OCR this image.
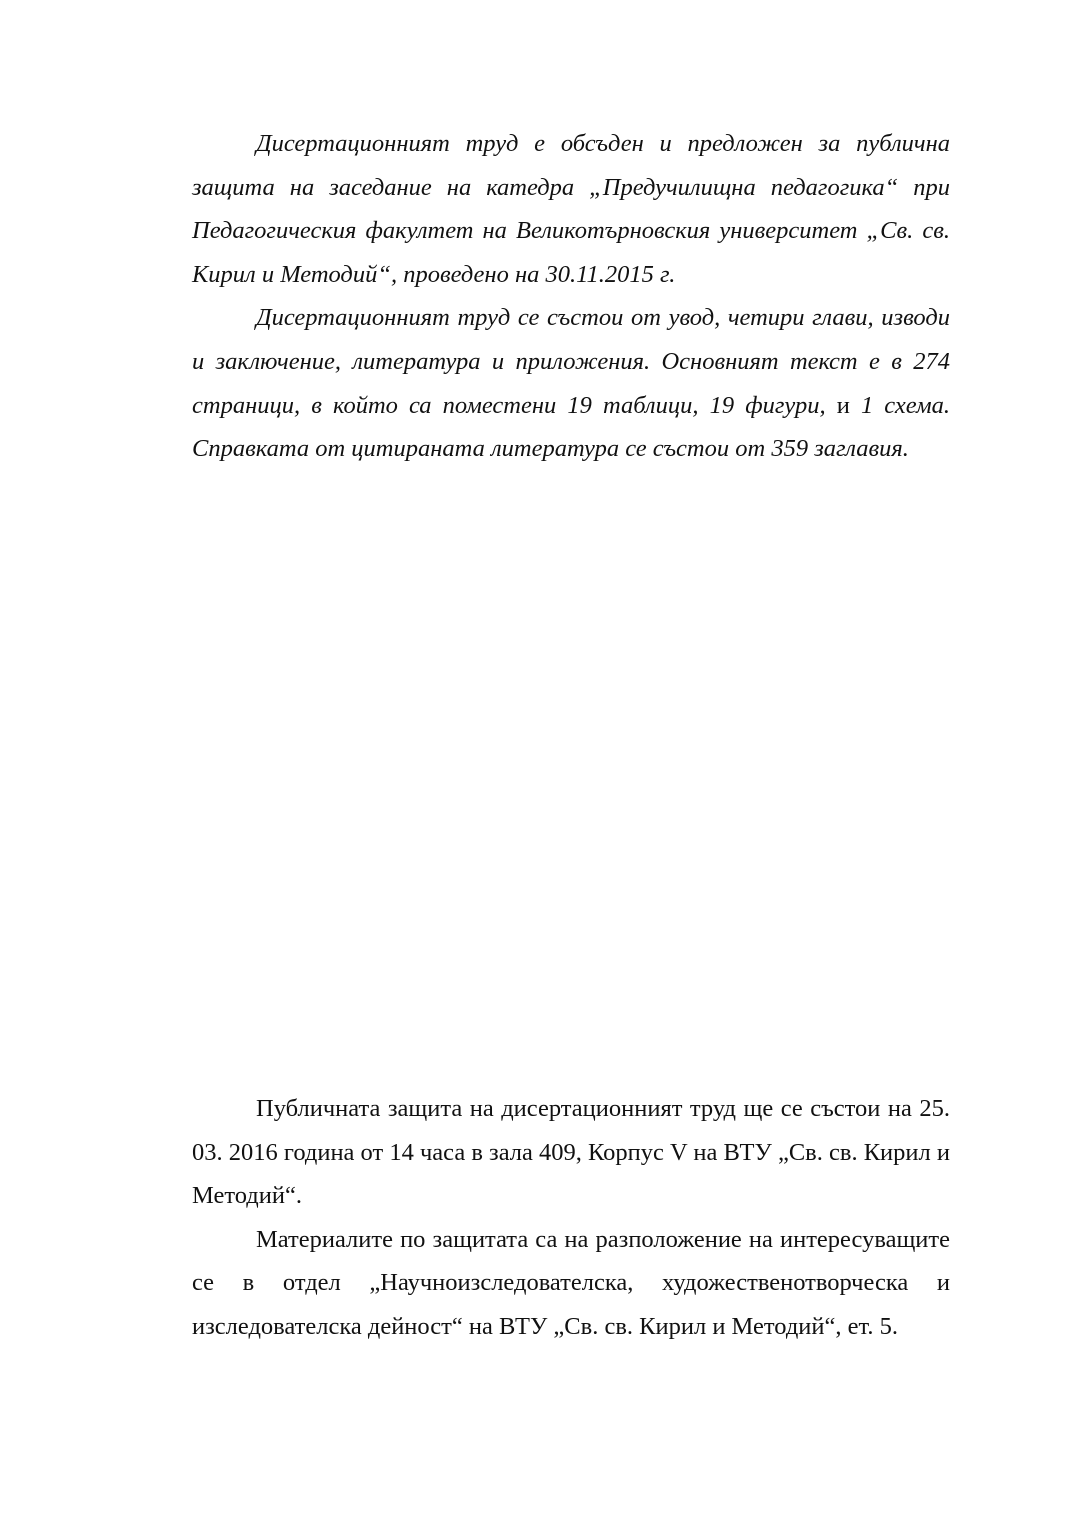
Дисертационният труд е обсъден и предложен за публична защита на заседание на катедра „Предучилищна педагогика“ при Педагогическия факултет на Великотърновския университет „Св. св. Кирил и Методий“, проведено на 30.11.2015 г.

Дисертационният труд се състои от увод, четири глави, изводи и заключение, литература и приложения. Основният текст е в 274 страници, в който са поместени 19 таблици, 19 фигури, и 1 схема. Справката от цитираната литература се състои от 359 заглавия.

Публичната защита на дисертационният труд ще се състои на 25. 03. 2016 година от 14 часа в зала 409, Корпус V на ВТУ „Св. св. Кирил и Методий“.

Материалите по защитата са на разположение на интересуващите се в отдел „Научноизследователска, художественотворческа и изследователска дейност“ на ВТУ „Св. св. Кирил и Методий“, ет. 5.
